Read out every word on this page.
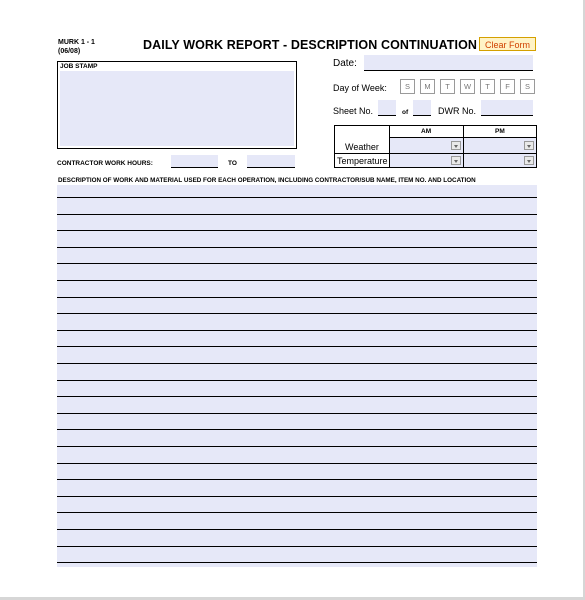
MURK 1 - 1
(06/08)	DAILY WORK REPORT - DESCRIPTION CONTINUATION Clear Form
JOB STAMP	Date:
Day of Week:	S	M	T	W	T	F	S
Sheet No.	of	DWR No.
AM	PM
Weather
Temperature
CONTRACTOR WORK HOURS:	TO
DESCRIPTION OF WORK AND MATERIAL USED FOR EACH OPERATION, INCLUDING CONTRACTOR/SUB NAME, ITEM NO. AND LOCATION
